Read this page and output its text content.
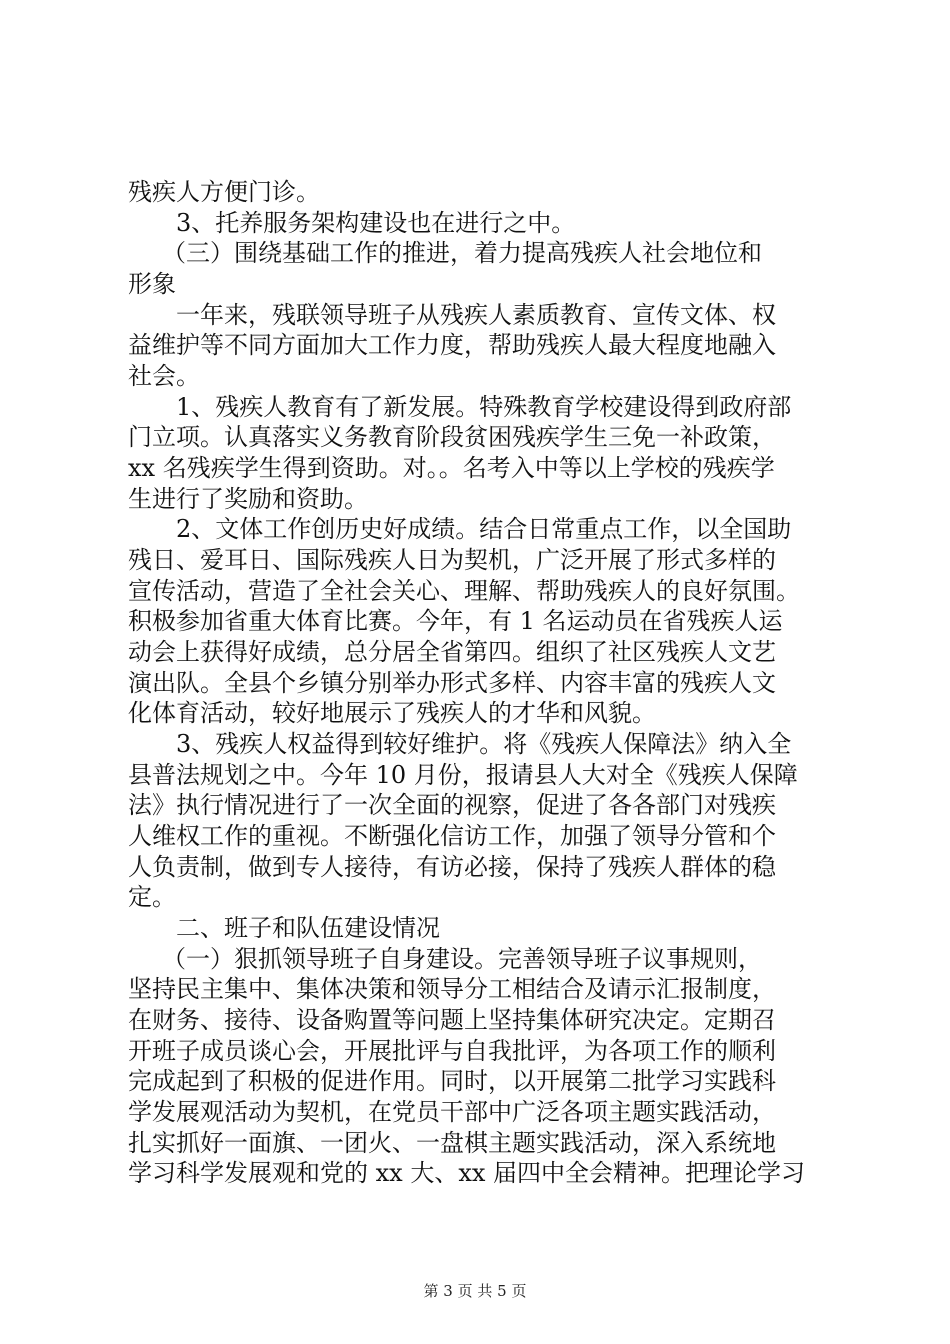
残疾人方便门诊。
3、托养服务架构建设也在进行之中。
（三）围绕基础工作的推进，着力提高残疾人社会地位和
形象
一年来，残联领导班子从残疾人素质教育、宣传文体、权
益维护等不同方面加大工作力度，帮助残疾人最大程度地融入
社会。
1、残疾人教育有了新发展。特殊教育学校建设得到政府部
门立项。认真落实义务教育阶段贫困残疾学生三免一补政策，
xx 名残疾学生得到资助。对。。名考入中等以上学校的残疾学
生进行了奖励和资助。
2、文体工作创历史好成绩。结合日常重点工作，以全国助
残日、爱耳日、国际残疾人日为契机，广泛开展了形式多样的
宣传活动，营造了全社会关心、理解、帮助残疾人的良好氛围。
积极参加省重大体育比赛。今年，有 1 名运动员在省残疾人运
动会上获得好成绩，总分居全省第四。组织了社区残疾人文艺
演出队。全县个乡镇分别举办形式多样、内容丰富的残疾人文
化体育活动，较好地展示了残疾人的才华和风貌。
3、残疾人权益得到较好维护。将《残疾人保障法》纳入全
县普法规划之中。今年 10 月份，报请县人大对全《残疾人保障
法》执行情况进行了一次全面的视察，促进了各各部门对残疾
人维权工作的重视。不断强化信访工作，加强了领导分管和个
人负责制，做到专人接待，有访必接，保持了残疾人群体的稳
定。
二、班子和队伍建设情况
（一）狠抓领导班子自身建设。完善领导班子议事规则，
坚持民主集中、集体决策和领导分工相结合及请示汇报制度，
在财务、接待、设备购置等问题上坚持集体研究决定。定期召
开班子成员谈心会，开展批评与自我批评，为各项工作的顺利
完成起到了积极的促进作用。同时，以开展第二批学习实践科
学发展观活动为契机，在党员干部中广泛各项主题实践活动，
扎实抓好一面旗、一团火、一盘棋主题实践活动，深入系统地
学习科学发展观和党的 xx 大、xx 届四中全会精神。把理论学习
第 3 页 共 5 页
